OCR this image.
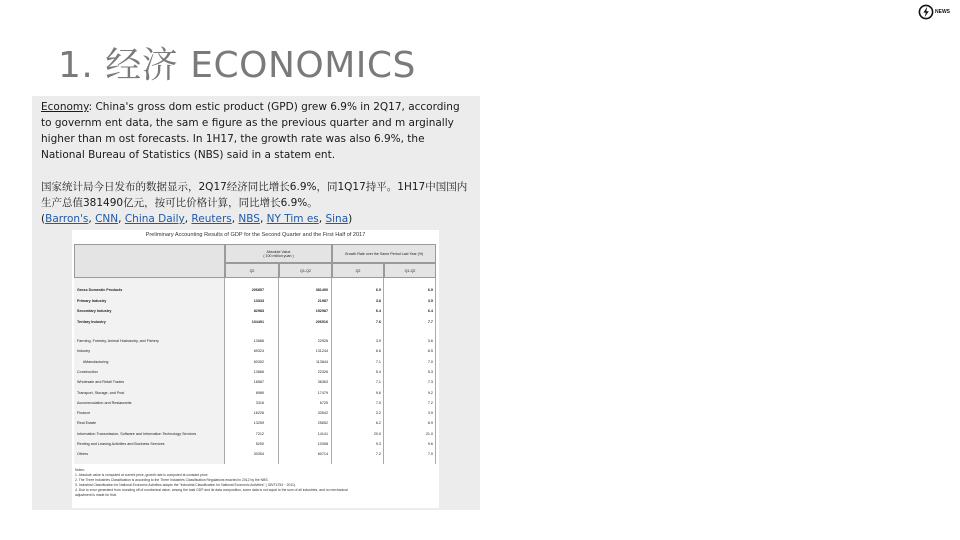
NEWS
1. 经济 ECONOMICS

Economy: China's gross dom estic product (GPD) grew 6.9% in 2Q17, according to governm ent data, the sam e figure as the previous quarter and m arginally higher than m ost forecasts. In 1H17, the growth rate was also 6.9%, the National Bureau of Statistics (NBS) said in a statem ent.

国家统计局今日发布的数据显示，2Q17经济同比增长6.9%，同1Q17持平。1H17中国国内生产总值381490亿元，按可比价格计算，同比增长6.9%。

(Barron's, CNN, China Daily, Reuters, NBS, NY Tim es, Sina)

Preliminary Accounting Results of GDP for the Second Quarter and the First Half of 2017
Absolute Value
( 100 million yuan )	Growth Rate over the Same Period Last Year (%)
Q2	Q1-Q2	Q2	Q1-Q2
Gross Domestic Products	206857	381490	6.9	6.9
Primary Industry	13333	21987	3.8	3.5
Secondary Industry	82983	152987	6.4	6.4
Tertiary Industry	104491	206516	7.6	7.7
Farming, Forestry, Animal Husbandry, and Fishery	13686	22926	3.9	3.6
Industry	69324	131244	6.6	6.5
#Manufacturing	60302	113844	7.1	7.0
Construction	13666	22326	5.4	5.3
Wholesale and Retail Trades	18587	36363	7.1	7.3
Transport, Storage, and Post	8989	17479	9.6	9.2
Accommodation and Restaurants	3316	6725	7.0	7.2
Finance	16226	33542	3.2	3.9
Real Estate	13259	25652	6.2	6.9
Information Transmission, Software and Information Technology Services	7212	14141	20.0	21.0
Renting and Leasing Activities and Business Services	5200	10308	9.3	9.6
Others	30354	60714	7.2	7.0
Notes:
1. Absolute value is computed at current price, growth rate is computed at constant price.
2. The Three Industries Classification is according to the Three Industries Classification Regulations enacted in 2012 by the NBS.
3. Industrial Classification for National Economic Activities adopts the "Industrial Classification for National Economic Activities" ( GB/T4754－2011).
4. Due to error generated from rounding off of numberical value, among the total GDP and its data composition, some data is not equal to the sum of all industries, and no mechanical
adjustment is made for that.
